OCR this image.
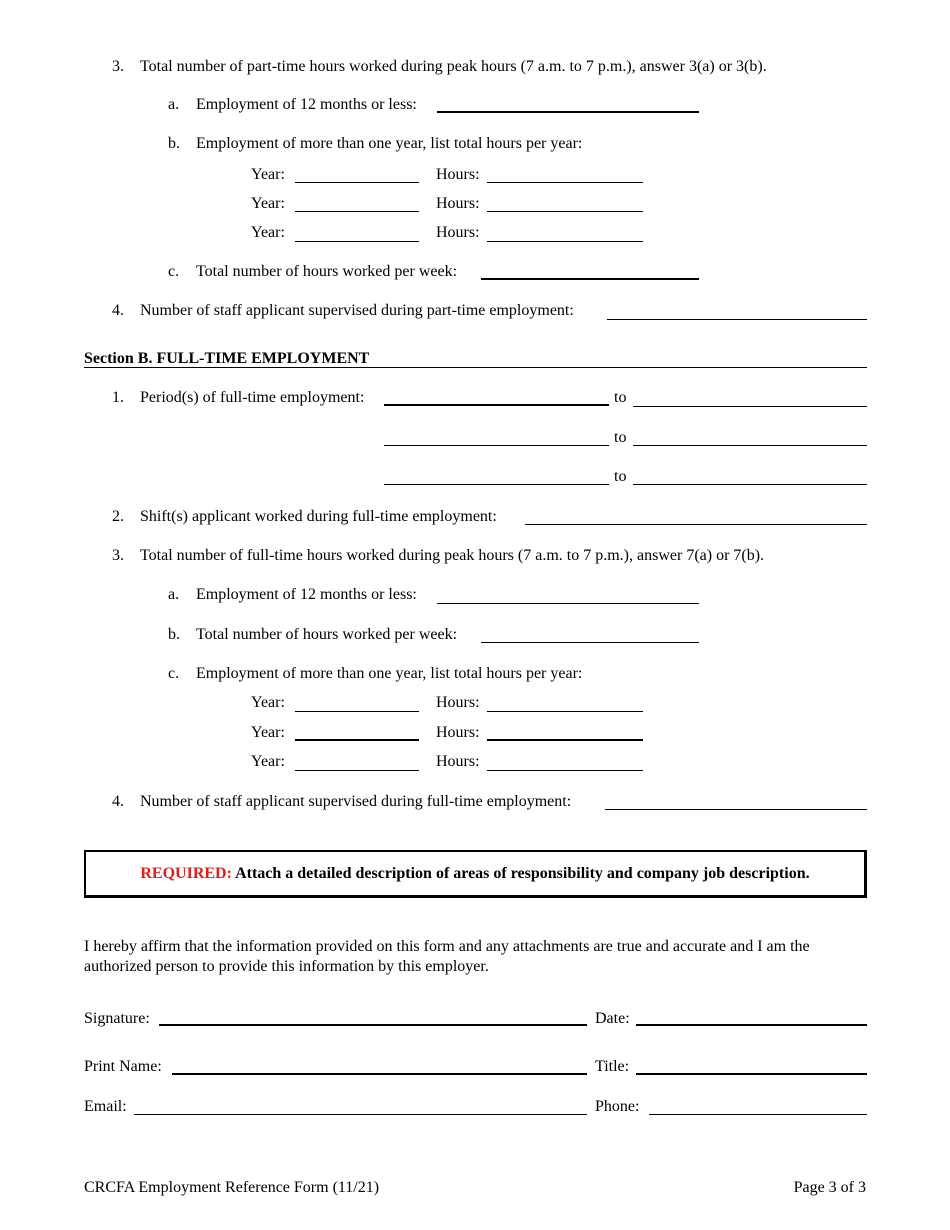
3. Total number of part-time hours worked during peak hours (7 a.m. to 7 p.m.), answer 3(a) or 3(b).
a. Employment of 12 months or less:
b. Employment of more than one year, list total hours per year:
Year:	Hours:
Year:	Hours:
Year:	Hours:
c. Total number of hours worked per week:
4. Number of staff applicant supervised during part-time employment:
Section B. FULL-TIME EMPLOYMENT
1. Period(s) of full-time employment:	to
to
to
2. Shift(s) applicant worked during full-time employment:
3. Total number of full-time hours worked during peak hours (7 a.m. to 7 p.m.), answer 7(a) or 7(b).
a. Employment of 12 months or less:
b. Total number of hours worked per week:
c. Employment of more than one year, list total hours per year:
Year:	Hours:
Year:	Hours:
Year:	Hours:
4. Number of staff applicant supervised during full-time employment:
REQUIRED: Attach a detailed description of areas of responsibility and company job description.
I hereby affirm that the information provided on this form and any attachments are true and accurate and I am the
authorized person to provide this information by this employer.
Signature:	Date:
Print Name:	Title:
Email:	Phone:
CRCFA Employment Reference Form (11/21)	Page 3 of 3
